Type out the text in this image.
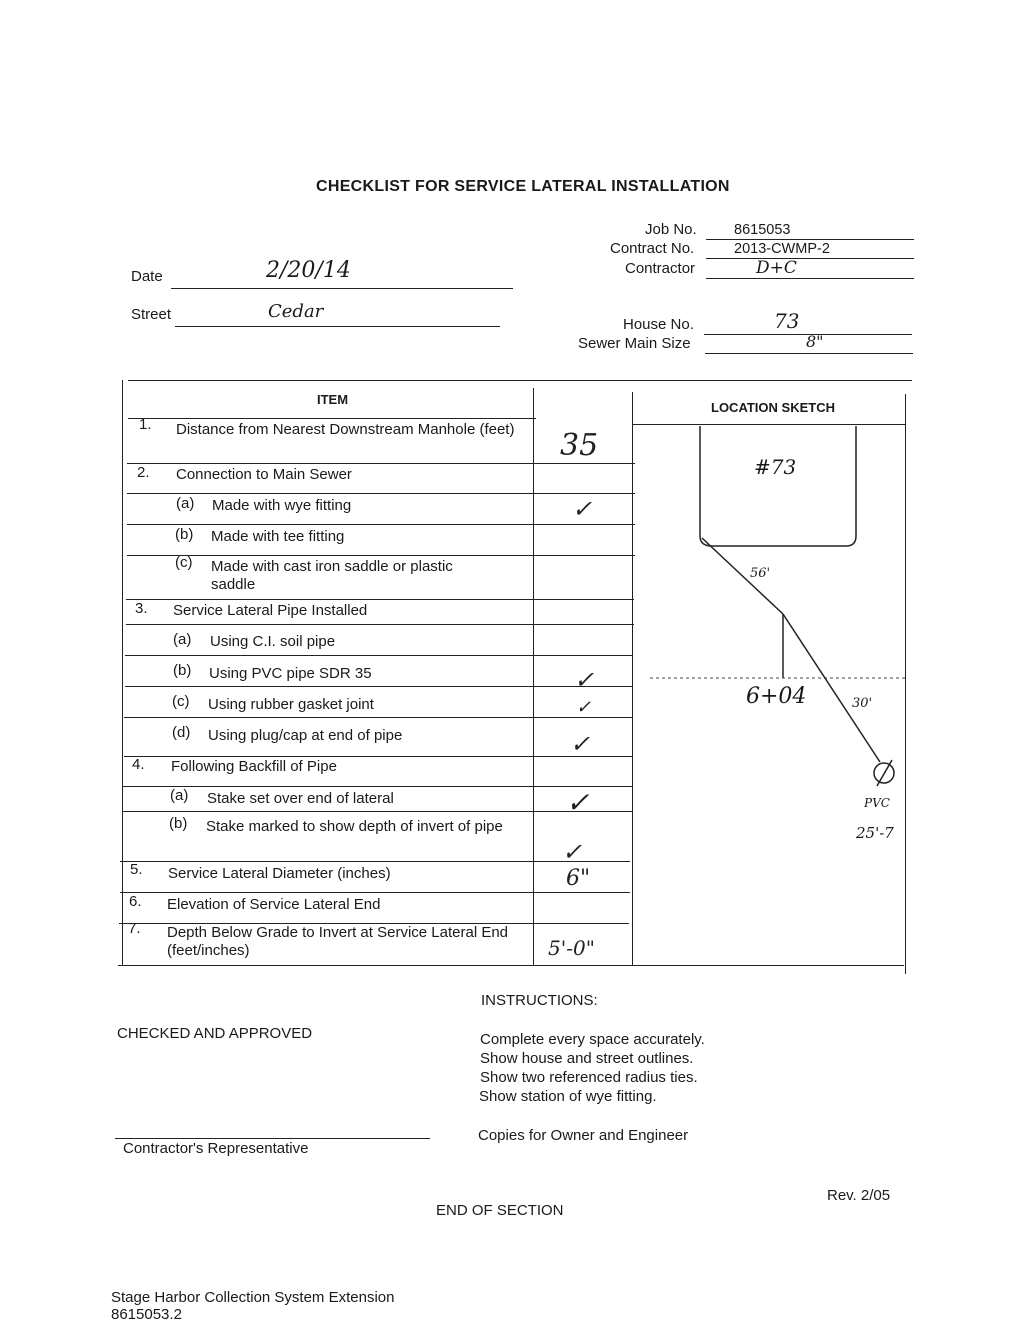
CHECKLIST FOR SERVICE LATERAL INSTALLATION
Job No.	8615053
Contract No.	2013-CWMP-2
Contractor	D+C
Date	2/20/14
Street	Cedar
House No.	73
Sewer Main Size	8"
ITEM
LOCATION SKETCH
1. Distance from Nearest Downstream Manhole (feet)	35
2. Connection to Main Sewer
(a) Made with wye fitting	✓
(b) Made with tee fitting
(c) Made with cast iron saddle or plastic saddle
3. Service Lateral Pipe Installed
(a) Using C.I. soil pipe
(b) Using PVC pipe SDR 35	✓
(c) Using rubber gasket joint	✓
(d) Using plug/cap at end of pipe	✓
4. Following Backfill of Pipe
(a) Stake set over end of lateral	✓
(b) Stake marked to show depth of invert of pipe
✓
5. Service Lateral Diameter (inches)	6"
6. Elevation of Service Lateral End
7. Depth Below Grade to Invert at Service Lateral End (feet/inches)	5'-0"
#73
56'
6+04	30'
PVC
25'-7
INSTRUCTIONS:
Complete every space accurately.
Show house and street outlines.
Show two referenced radius ties.
Show station of wye fitting.
Copies for Owner and Engineer
CHECKED AND APPROVED
Contractor's Representative
Rev. 2/05
END OF SECTION
Stage Harbor Collection System Extension
8615053.2
